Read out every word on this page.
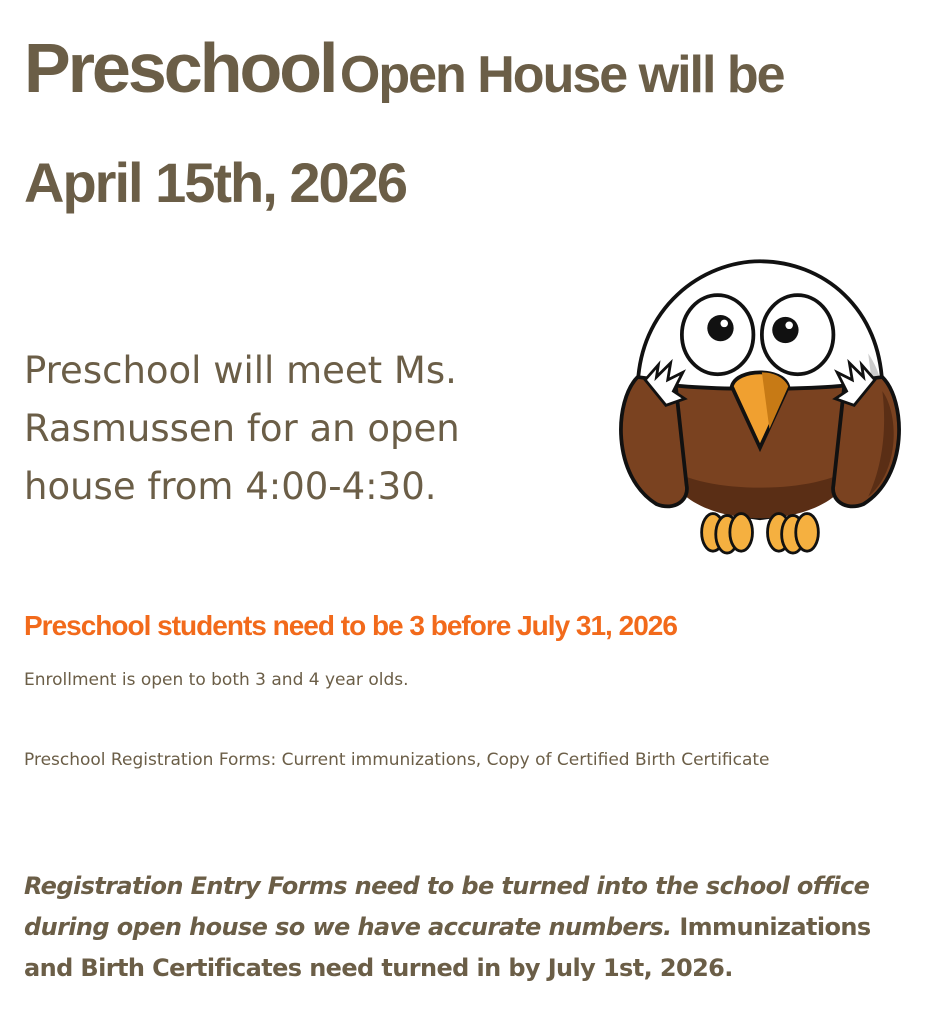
Preschool Open House will be
April 15th, 2026
Preschool will meet Ms. Rasmussen for an open house from 4:00-4:30.
Preschool students need to be 3 before July 31, 2026
Enrollment is open to both 3 and 4 year olds.
Preschool Registration Forms: Current immunizations, Copy of Certified Birth Certificate
Registration Entry Forms need to be turned into the school office during open house so we have accurate numbers. Immunizations and Birth Certificates need turned in by July 1st, 2026.
